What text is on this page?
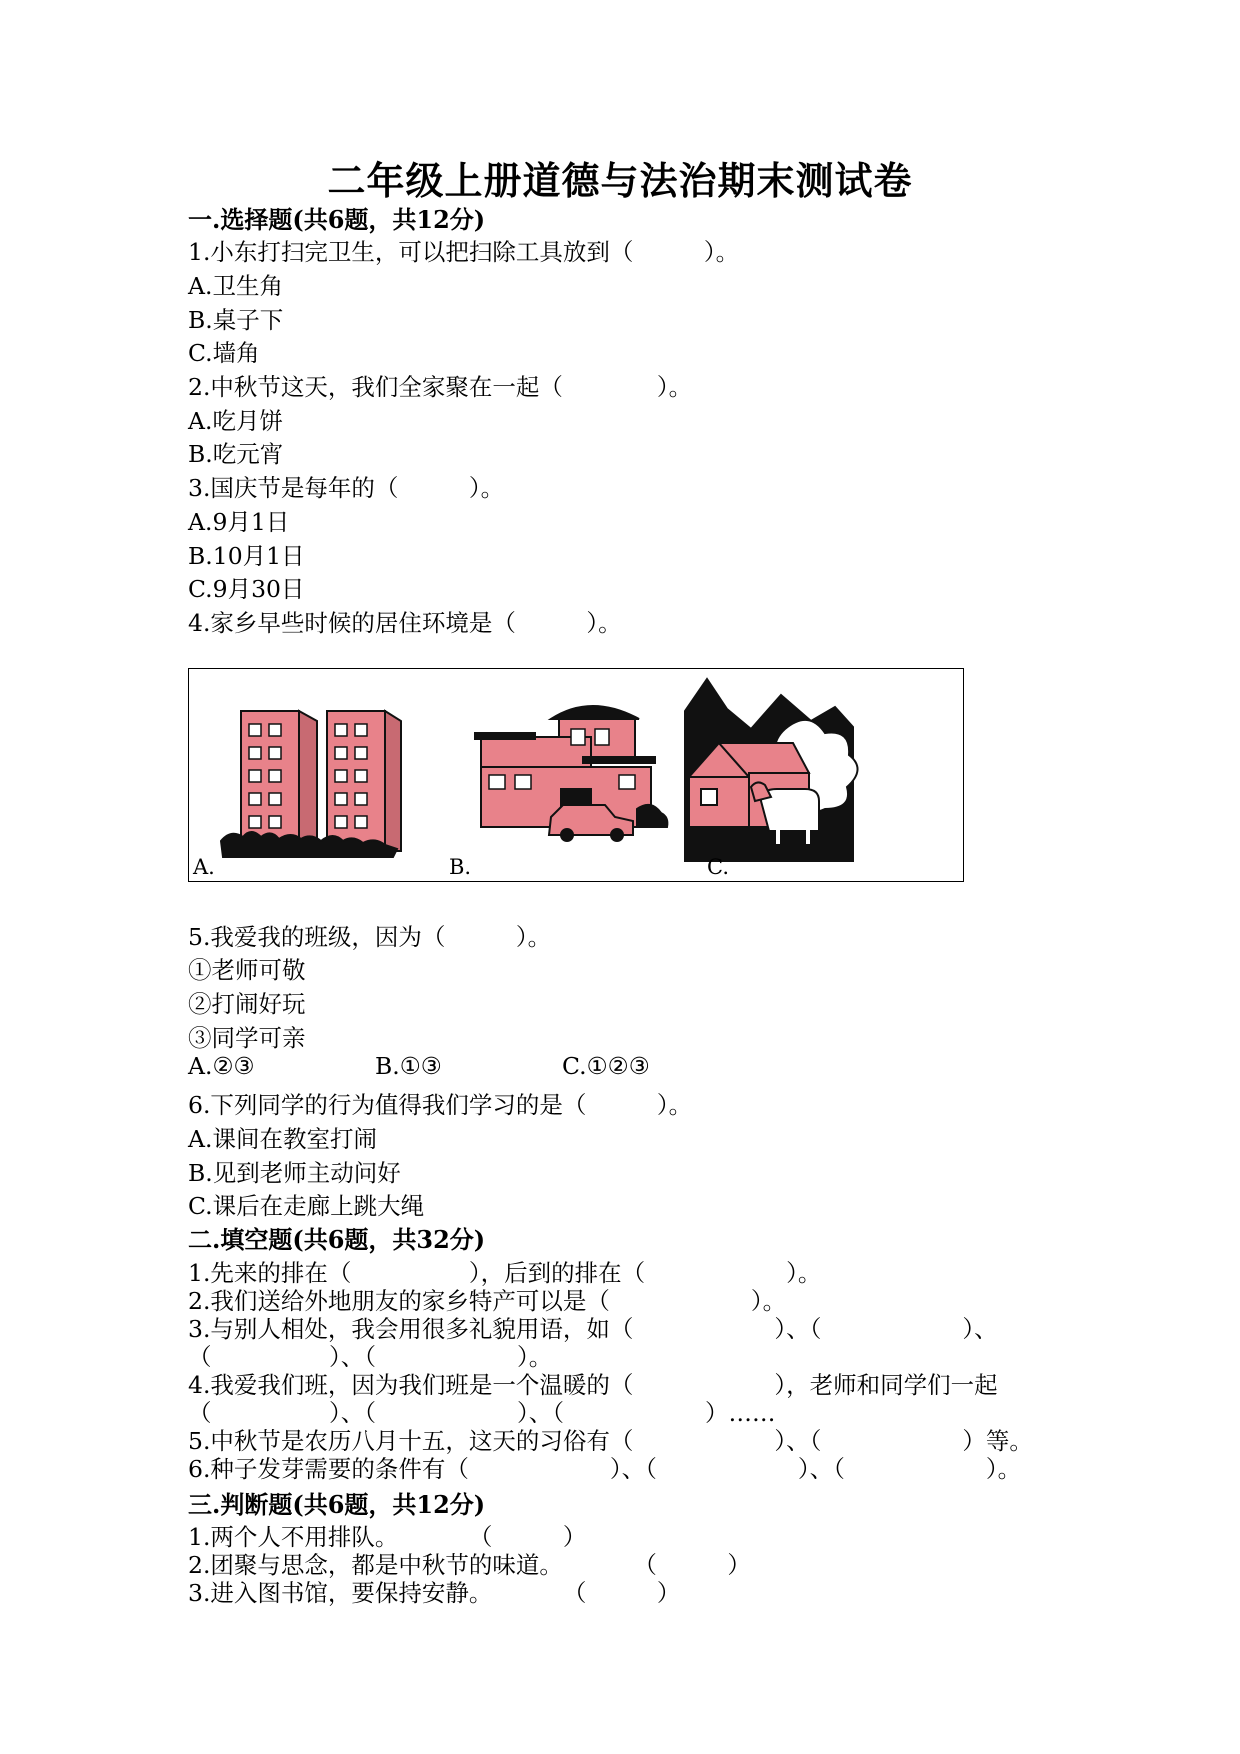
二年级上册道德与法治期末测试卷
一.选择题(共6题，共12分)
1.小东打扫完卫生，可以把扫除工具放到（　　　）。
A.卫生角
B.桌子下
C.墙角
2.中秋节这天，我们全家聚在一起（　　　　）。
A.吃月饼
B.吃元宵
3.国庆节是每年的（　　　）。
A.9月1日
B.10月1日
C.9月30日
4.家乡早些时候的居住环境是（　　　）。
A.	B.	C.
5.我爱我的班级，因为（　　　）。
①老师可敬
②打闹好玩
③同学可亲

A.②③

	B.①③

	C.①②③

6.下列同学的行为值得我们学习的是（　　　）。
A.课间在教室打闹
B.见到老师主动问好
C.课后在走廊上跳大绳
二.填空题(共6题，共32分)
1.先来的排在（　　　　　），后到的排在（　　　　　　）。
2.我们送给外地朋友的家乡特产可以是（　　　　　　）。
3.与别人相处，我会用很多礼貌用语，如（　　　　　　）、（　　　　　　）、
（　　　　　）、（　　　　　　）。
4.我爱我们班，因为我们班是一个温暖的（　　　　　　），老师和同学们一起
（　　　　　）、（　　　　　　）、（　　　　　　）……
5.中秋节是农历八月十五，这天的习俗有（　　　　　　）、（　　　　　　）等。
6.种子发芽需要的条件有（　　　　　　）、（　　　　　　）、（　　　　　　）。
三.判断题(共6题，共12分)
1.两个人不用排队。　　　　（　　　）
2.团聚与思念，都是中秋节的味道。　　　　（　　　）
3.进入图书馆，要保持安静。　　　　（　　　）
